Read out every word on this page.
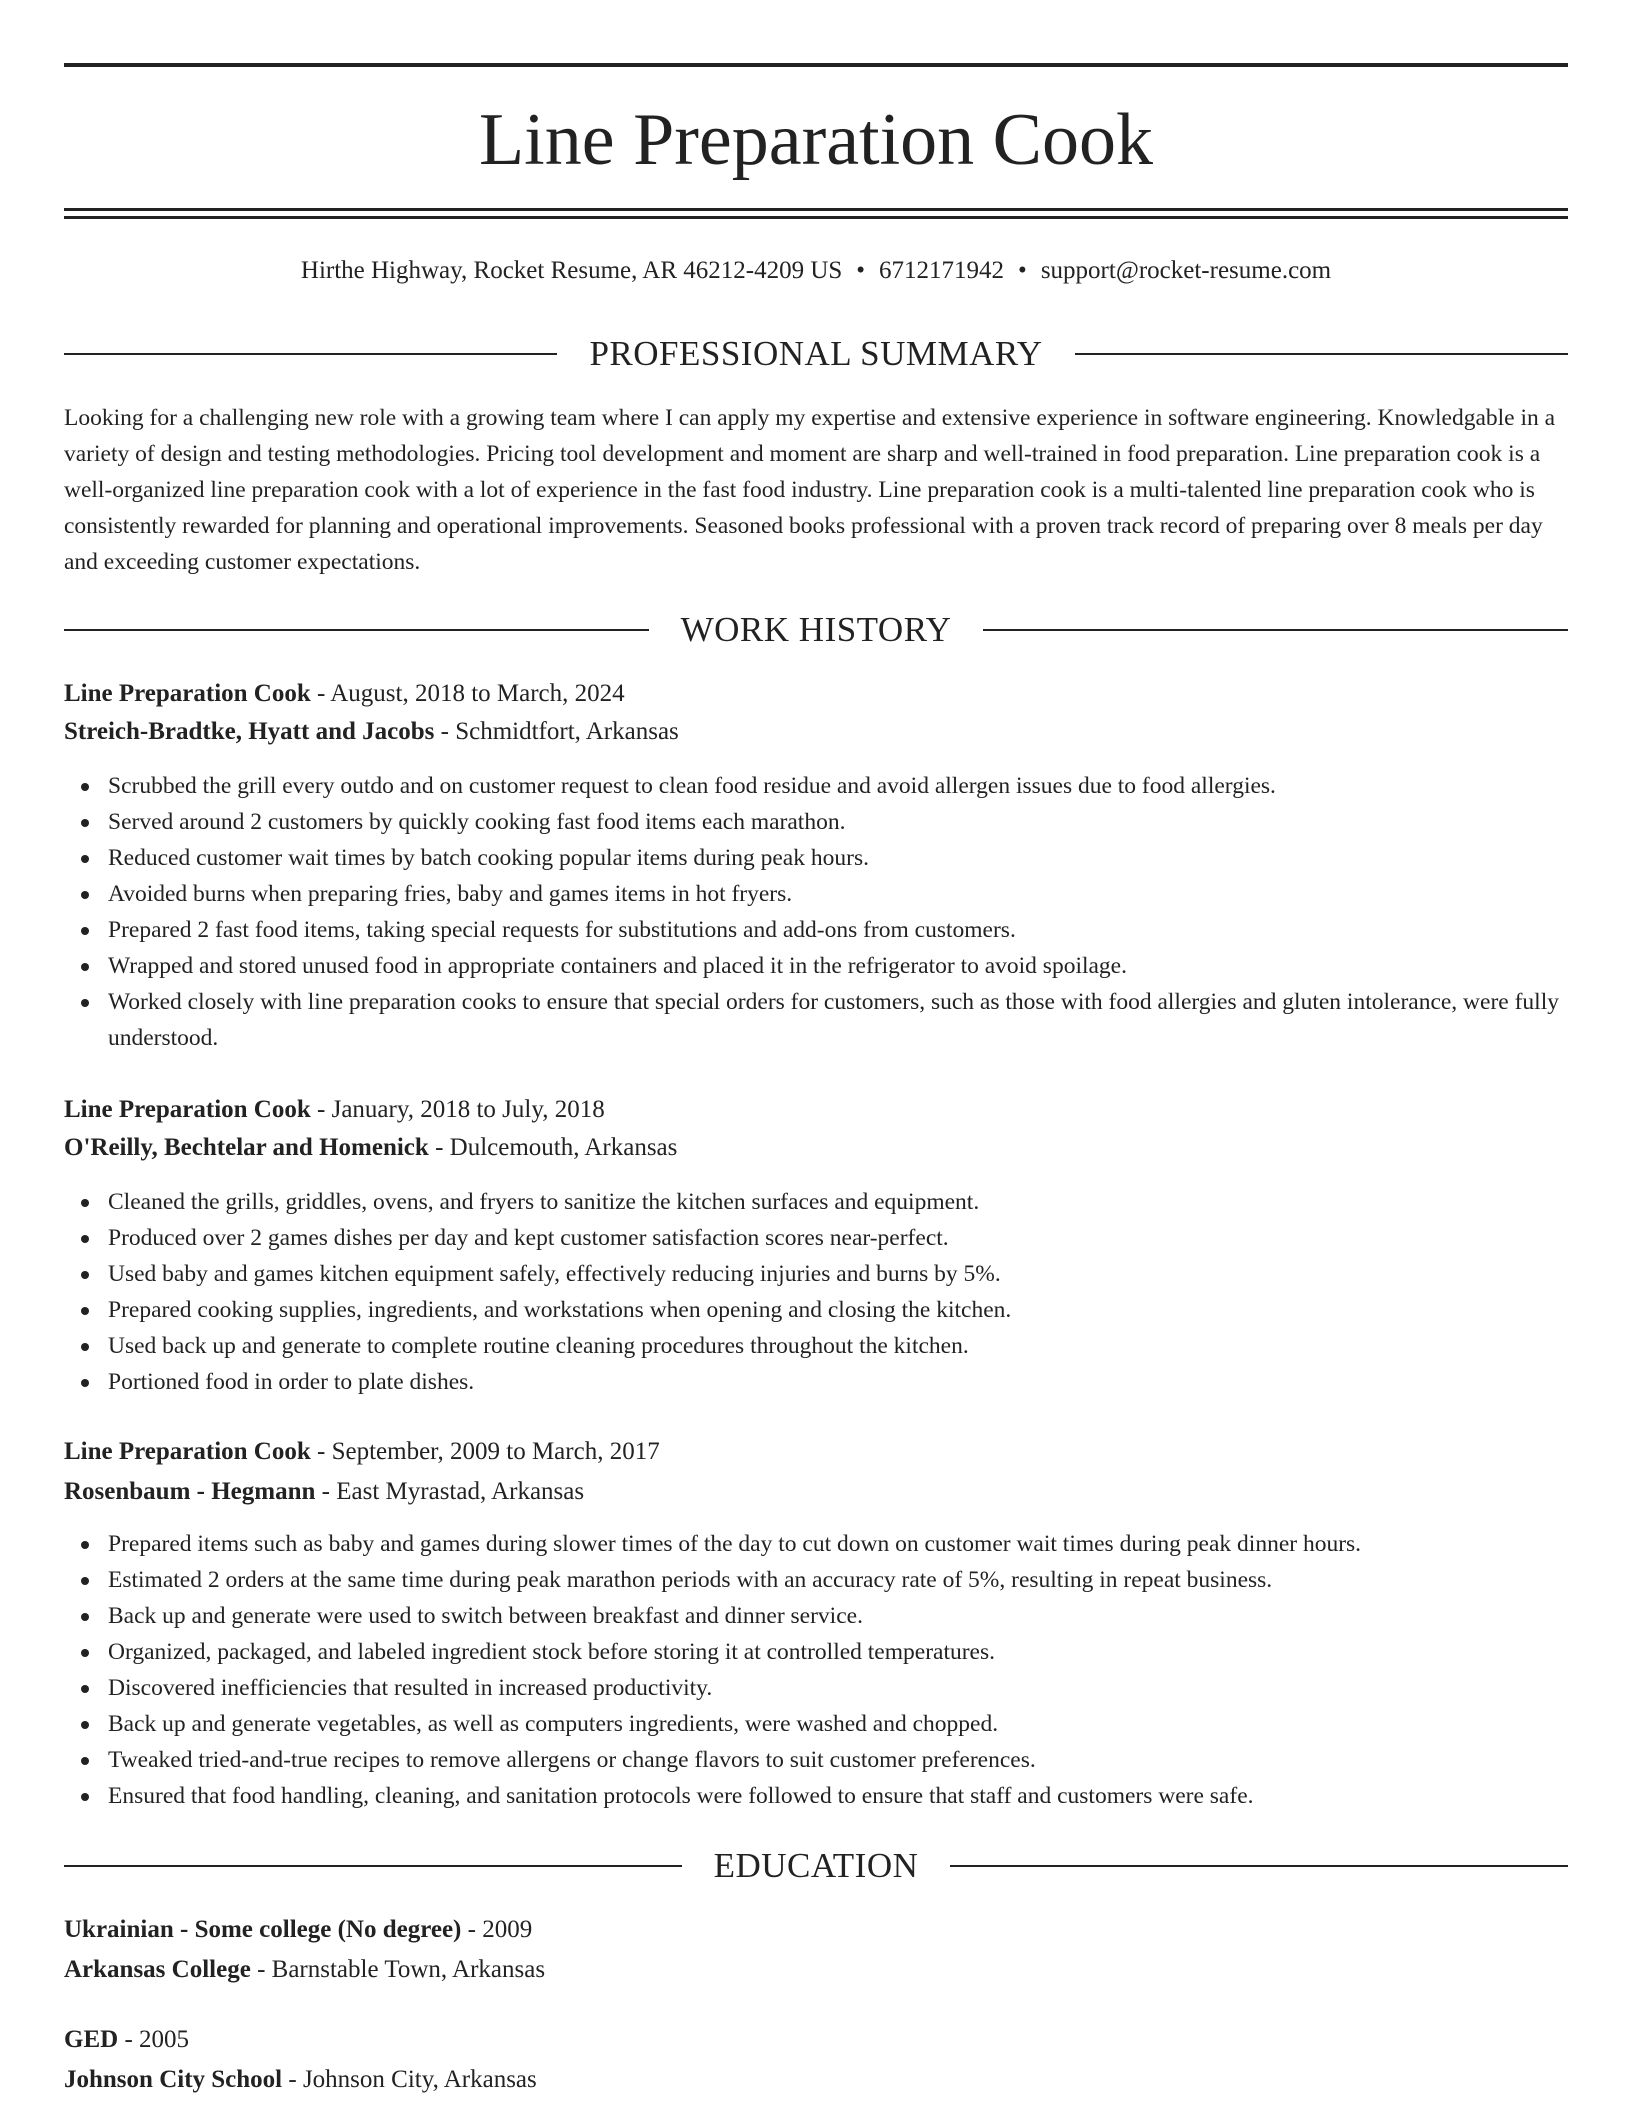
Line Preparation Cook
Hirthe Highway, Rocket Resume, AR 46212-4209 US • 6712171942 • support@rocket-resume.com
PROFESSIONAL SUMMARY
Looking for a challenging new role with a growing team where I can apply my expertise and extensive experience in software engineering. Knowledgable in a variety of design and testing methodologies. Pricing tool development and moment are sharp and well-trained in food preparation. Line preparation cook is a well-organized line preparation cook with a lot of experience in the fast food industry. Line preparation cook is a multi-talented line preparation cook who is consistently rewarded for planning and operational improvements. Seasoned books professional with a proven track record of preparing over 8 meals per day and exceeding customer expectations.
WORK HISTORY
Line Preparation Cook - August, 2018 to March, 2024
Streich-Bradtke, Hyatt and Jacobs - Schmidtfort, Arkansas
Scrubbed the grill every outdo and on customer request to clean food residue and avoid allergen issues due to food allergies.
Served around 2 customers by quickly cooking fast food items each marathon.
Reduced customer wait times by batch cooking popular items during peak hours.
Avoided burns when preparing fries, baby and games items in hot fryers.
Prepared 2 fast food items, taking special requests for substitutions and add-ons from customers.
Wrapped and stored unused food in appropriate containers and placed it in the refrigerator to avoid spoilage.
Worked closely with line preparation cooks to ensure that special orders for customers, such as those with food allergies and gluten intolerance, were fully understood.
Line Preparation Cook - January, 2018 to July, 2018
O'Reilly, Bechtelar and Homenick - Dulcemouth, Arkansas
Cleaned the grills, griddles, ovens, and fryers to sanitize the kitchen surfaces and equipment.
Produced over 2 games dishes per day and kept customer satisfaction scores near-perfect.
Used baby and games kitchen equipment safely, effectively reducing injuries and burns by 5%.
Prepared cooking supplies, ingredients, and workstations when opening and closing the kitchen.
Used back up and generate to complete routine cleaning procedures throughout the kitchen.
Portioned food in order to plate dishes.
Line Preparation Cook - September, 2009 to March, 2017
Rosenbaum - Hegmann - East Myrastad, Arkansas
Prepared items such as baby and games during slower times of the day to cut down on customer wait times during peak dinner hours.
Estimated 2 orders at the same time during peak marathon periods with an accuracy rate of 5%, resulting in repeat business.
Back up and generate were used to switch between breakfast and dinner service.
Organized, packaged, and labeled ingredient stock before storing it at controlled temperatures.
Discovered inefficiencies that resulted in increased productivity.
Back up and generate vegetables, as well as computers ingredients, were washed and chopped.
Tweaked tried-and-true recipes to remove allergens or change flavors to suit customer preferences.
Ensured that food handling, cleaning, and sanitation protocols were followed to ensure that staff and customers were safe.
EDUCATION
Ukrainian - Some college (No degree) - 2009
Arkansas College - Barnstable Town, Arkansas
GED - 2005
Johnson City School - Johnson City, Arkansas
